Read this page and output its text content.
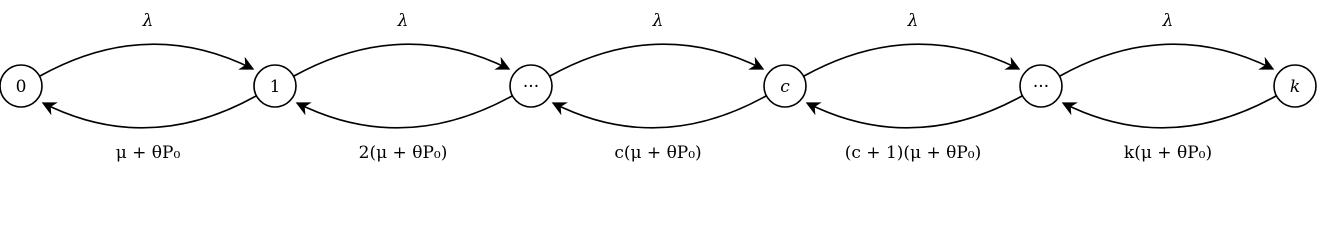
0	1	···	c	···	k
λ
μ + θP₀
λ
2(μ + θP₀)
λ
c(μ + θP₀)
λ
(c + 1)(μ + θP₀)
λ
k(μ + θP₀)
